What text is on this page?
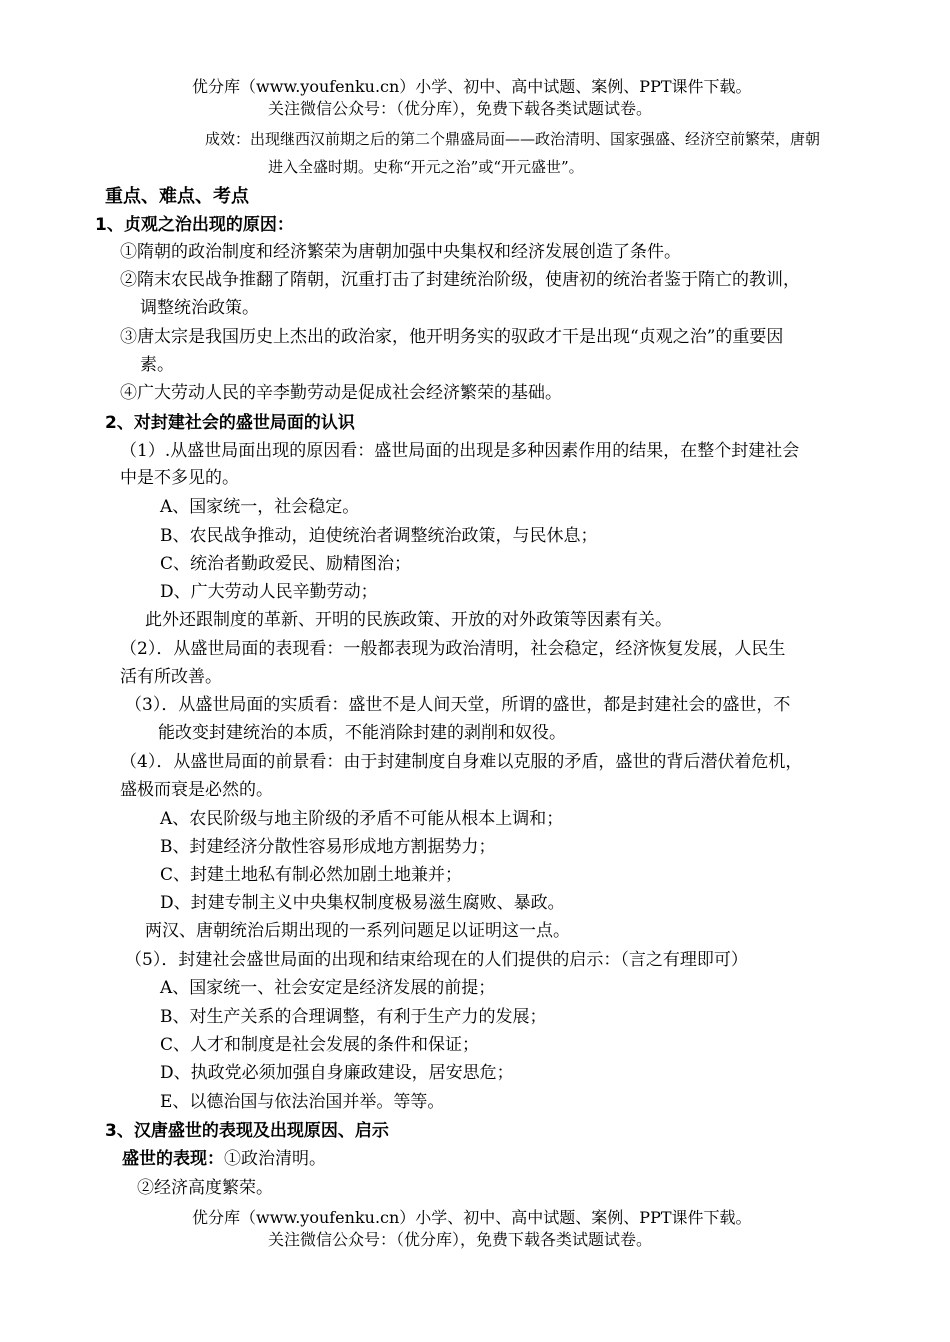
优分库（www.youfenku.cn）小学、初中、高中试题、案例、PPT课件下载。
关注微信公众号：（优分库），免费下载各类试题试卷。
成效：出现继西汉前期之后的第二个鼎盛局面——政治清明、国家强盛、经济空前繁荣，唐朝
进入全盛时期。史称“开元之治”或“开元盛世”。
重点、难点、考点
1、贞观之治出现的原因：
①隋朝的政治制度和经济繁荣为唐朝加强中央集权和经济发展创造了条件。
②隋末农民战争推翻了隋朝，沉重打击了封建统治阶级，使唐初的统治者鉴于隋亡的教训，
调整统治政策。
③唐太宗是我国历史上杰出的政治家，他开明务实的驭政才干是出现“贞观之治”的重要因
素。
④广大劳动人民的辛李勤劳动是促成社会经济繁荣的基础。
2、对封建社会的盛世局面的认识
（1）.从盛世局面出现的原因看：盛世局面的出现是多种因素作用的结果，在整个封建社会
中是不多见的。
A、国家统一，社会稳定。
B、农民战争推动，迫使统治者调整统治政策，与民休息；
C、统治者勤政爱民、励精图治；
D、广大劳动人民辛勤劳动；
此外还跟制度的革新、开明的民族政策、开放的对外政策等因素有关。
（2）．从盛世局面的表现看：一般都表现为政治清明，社会稳定，经济恢复发展，人民生
活有所改善。
（3）．从盛世局面的实质看：盛世不是人间天堂，所谓的盛世，都是封建社会的盛世，不
能改变封建统治的本质，不能消除封建的剥削和奴役。
（4）．从盛世局面的前景看：由于封建制度自身难以克服的矛盾，盛世的背后潜伏着危机，
盛极而衰是必然的。
A、农民阶级与地主阶级的矛盾不可能从根本上调和；
B、封建经济分散性容易形成地方割据势力；
C、封建土地私有制必然加剧土地兼并；
D、封建专制主义中央集权制度极易滋生腐败、暴政。
两汉、唐朝统治后期出现的一系列问题足以证明这一点。
（5）．封建社会盛世局面的出现和结束给现在的人们提供的启示：（言之有理即可）
A、国家统一、社会安定是经济发展的前提；
B、对生产关系的合理调整，有利于生产力的发展；
C、人才和制度是社会发展的条件和保证；
D、执政党必须加强自身廉政建设，居安思危；
E、以德治国与依法治国并举。等等。
3、汉唐盛世的表现及出现原因、启示
盛世的表现：①政治清明。
②经济高度繁荣。
优分库（www.youfenku.cn）小学、初中、高中试题、案例、PPT课件下载。
关注微信公众号：（优分库），免费下载各类试题试卷。
